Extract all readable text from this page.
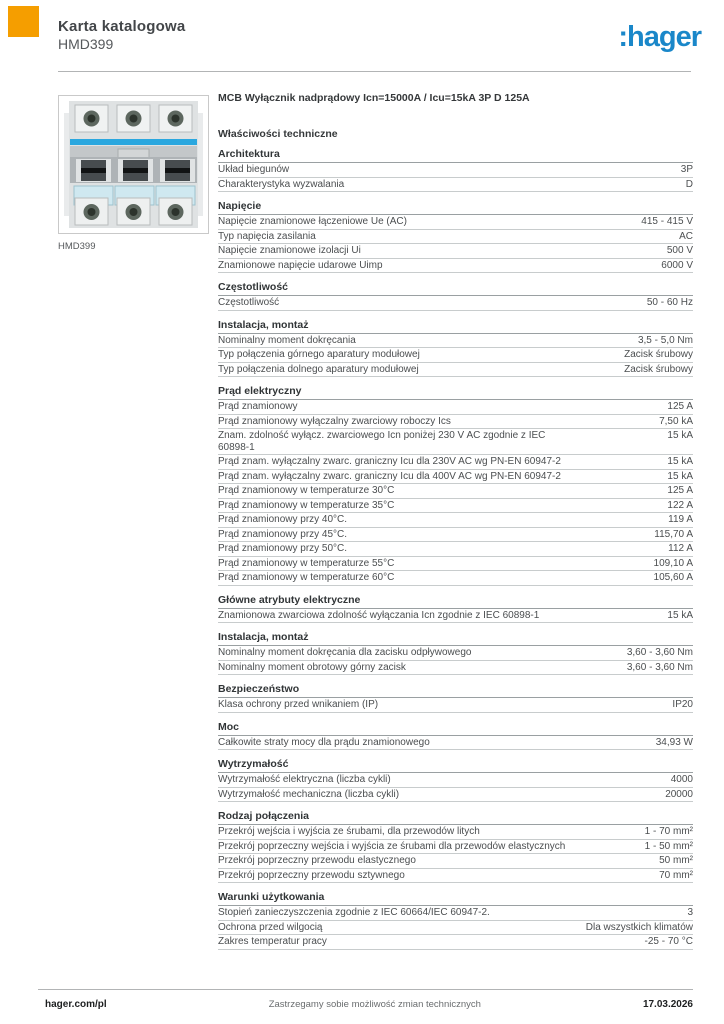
Karta katalogowa
HMD399	:hager
HMD399
MCB Wyłącznik nadprądowy Icn=15000A / Icu=15kA 3P D 125A
Właściwości techniczne
Architektura
Układ biegunów	3P
Charakterystyka wyzwalania	D
Napięcie
Napięcie znamionowe łączeniowe Ue (AC)	415 - 415 V
Typ napięcia zasilania	AC
Napięcie znamionowe izolacji Ui	500 V
Znamionowe napięcie udarowe Uimp	6000 V
Częstotliwość
Częstotliwość	50 - 60 Hz
Instalacja, montaż
Nominalny moment dokręcania	3,5 - 5,0 Nm
Typ połączenia górnego aparatury modułowej	Zacisk śrubowy
Typ połączenia dolnego aparatury modułowej	Zacisk śrubowy
Prąd elektryczny
Prąd znamionowy	125 A
Prąd znamionowy wyłączalny zwarciowy roboczy Ics	7,50 kA
Znam. zdolność wyłącz. zwarciowego Icn poniżej 230 V AC zgodnie z IEC 60898-1
15 kA
Prąd znam. wyłączalny zwarc. graniczny Icu dla 230V AC wg PN-EN 60947-2	15 kA
Prąd znam. wyłączalny zwarc. graniczny Icu dla 400V AC wg PN-EN 60947-2	15 kA
Prąd znamionowy w temperaturze 30°C	125 A
Prąd znamionowy w temperaturze 35°C	122 A
Prąd znamionowy przy 40°C.	119 A
Prąd znamionowy przy 45°C.	115,70 A
Prąd znamionowy przy 50°C.	112 A
Prąd znamionowy w temperaturze 55°C	109,10 A
Prąd znamionowy w temperaturze 60°C	105,60 A
Główne atrybuty elektryczne
Znamionowa zwarciowa zdolność wyłączania Icn zgodnie z IEC 60898-1	15 kA
Instalacja, montaż
Nominalny moment dokręcania dla zacisku odpływowego	3,60 - 3,60 Nm
Nominalny moment obrotowy górny zacisk	3,60 - 3,60 Nm
Bezpieczeństwo
Klasa ochrony przed wnikaniem (IP)	IP20
Moc
Całkowite straty mocy dla prądu znamionowego	34,93 W
Wytrzymałość
Wytrzymałość elektryczna (liczba cykli)	4000
Wytrzymałość mechaniczna (liczba cykli)	20000
Rodzaj połączenia
Przekrój wejścia i wyjścia ze śrubami, dla przewodów litych	1 - 70 mm²
Przekrój poprzeczny wejścia i wyjścia ze śrubami dla przewodów elastycznych	1 - 50 mm²
Przekrój poprzeczny przewodu elastycznego	50 mm²
Przekrój poprzeczny przewodu sztywnego	70 mm²
Warunki użytkowania
Stopień zanieczyszczenia zgodnie z IEC 60664/IEC 60947-2.	3
Ochrona przed wilgocią	Dla wszystkich klimatów
Zakres temperatur pracy	-25 - 70 °C
hager.com/pl	Zastrzegamy sobie możliwość zmian technicznych	17.03.2026
